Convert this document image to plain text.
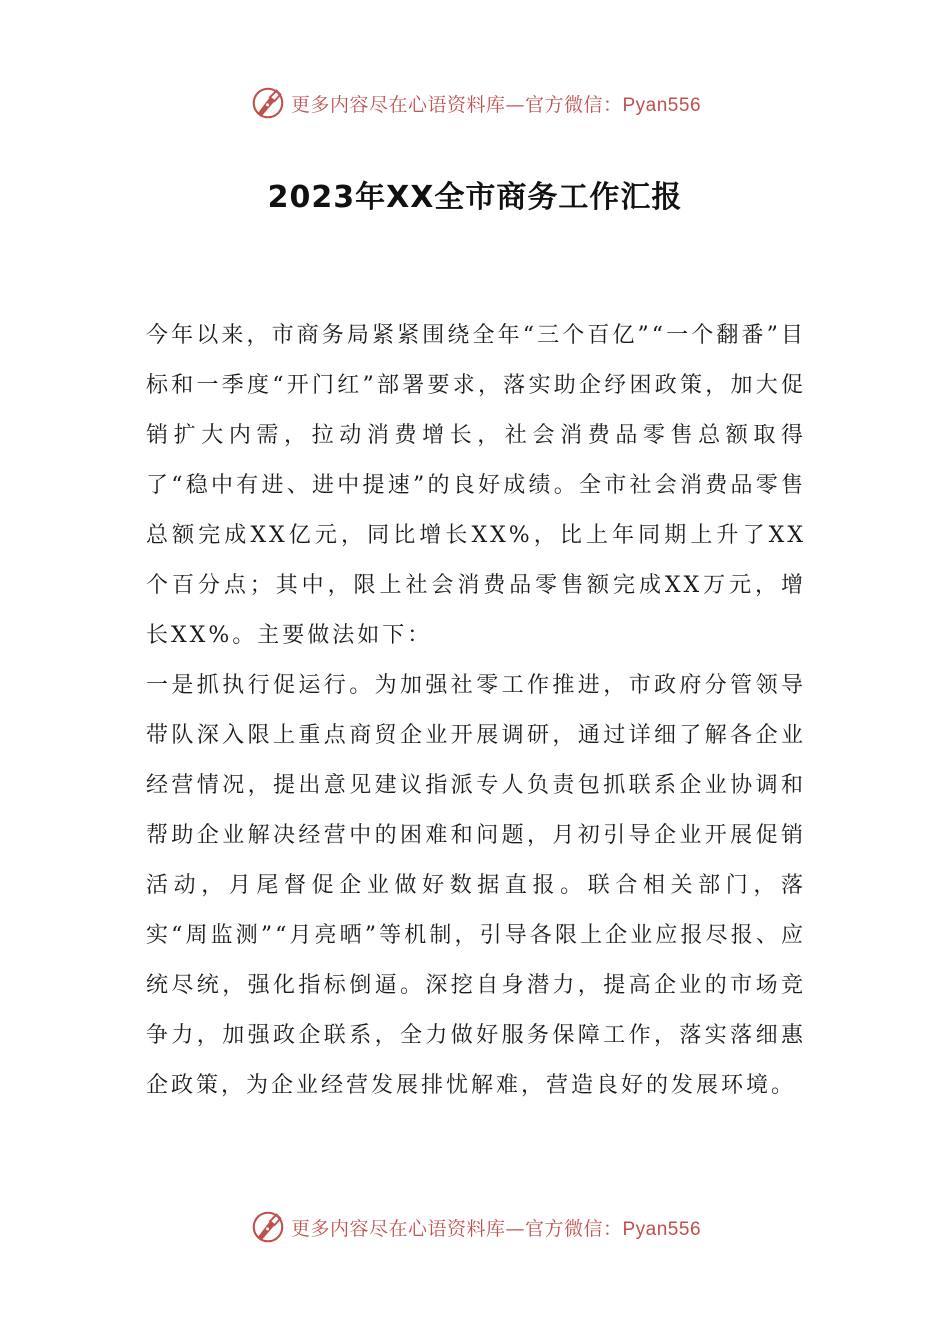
更多内容尽在心语资料库—官方微信：Pyan556
2023年XX全市商务工作汇报

今年以来，市商务局紧紧围绕全年“三个百亿”“一个翻番”目标和一季度“开门红”部署要求，落实助企纾困政策，加大促销扩大内需，拉动消费增长，社会消费品零售总额取得了“稳中有进、进中提速”的良好成绩。全市社会消费品零售总额完成XX亿元，同比增长XX%，比上年同期上升了XX个百分点；其中，限上社会消费品零售额完成XX万元，增长XX%。主要做法如下：

一是抓执行促运行。为加强社零工作推进，市政府分管领导带队深入限上重点商贸企业开展调研，通过详细了解各企业经营情况，提出意见建议指派专人负责包抓联系企业协调和帮助企业解决经营中的困难和问题，月初引导企业开展促销活动，月尾督促企业做好数据直报。联合相关部门，落实“周监测”“月亮晒”等机制，引导各限上企业应报尽报、应统尽统，强化指标倒逼。深挖自身潜力，提高企业的市场竞争力，加强政企联系，全力做好服务保障工作，落实落细惠企政策，为企业经营发展排忧解难，营造良好的发展环境。

更多内容尽在心语资料库—官方微信：Pyan556
